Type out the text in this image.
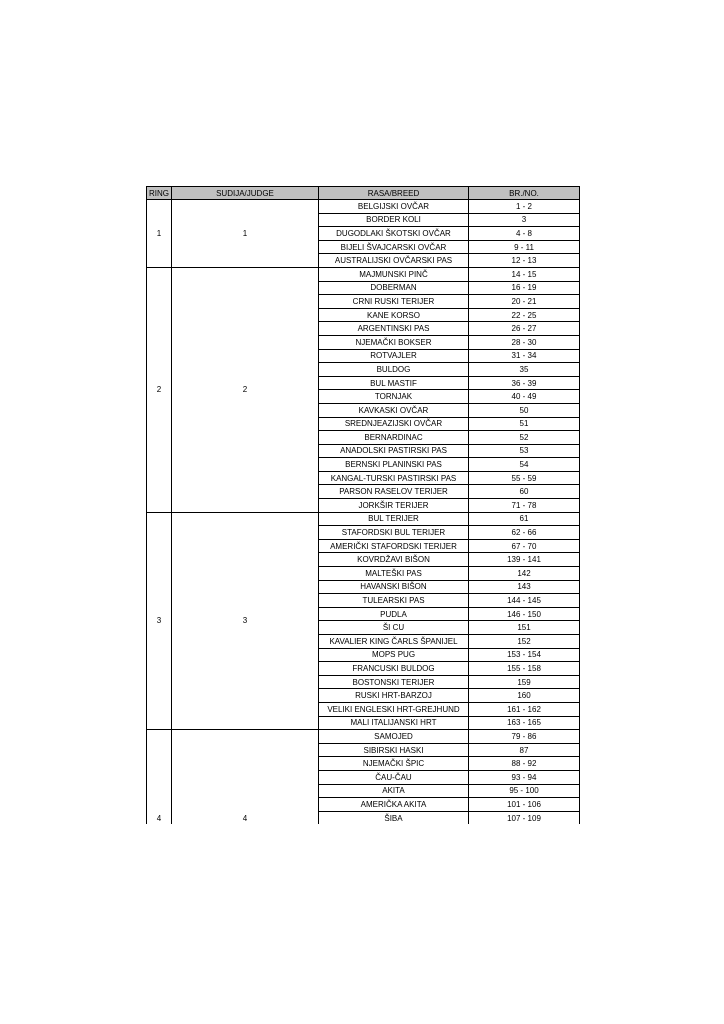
RING	SUDIJA/JUDGE	RASA/BREED	BR./NO.
1	1	BELGIJSKI OVČAR	1 - 2
		BORDER KOLI	3
		DUGODLAKI ŠKOTSKI OVČAR	4 - 8
		BIJELI ŠVAJCARSKI OVČAR	9 - 11
		AUSTRALIJSKI OVČARSKI PAS	12 - 13
2	2	MAJMUNSKI PINČ	14 - 15
		DOBERMAN	16 - 19
		CRNI RUSKI TERIJER	20 - 21
		KANE KORSO	22 - 25
		ARGENTINSKI PAS	26 - 27
		NJEMAČKI BOKSER	28 - 30
		ROTVAJLER	31 - 34
		BULDOG	35
		BUL MASTIF	36 - 39
		TORNJAK	40 - 49
		KAVKASKI OVČAR	50
		SREDNJEAZIJSKI OVČAR	51
		BERNARDINAC	52
		ANADOLSKI PASTIRSKI PAS	53
		BERNSKI PLANINSKI PAS	54
		KANGAL-TURSKI PASTIRSKI PAS	55 - 59
		PARSON RASELOV TERIJER	60
		JORKŠIR TERIJER	71 - 78
3	3	BUL TERIJER	61
		STAFORDSKI BUL TERIJER	62 - 66
		AMERIČKI STAFORDSKI TERIJER	67 - 70
		KOVRDŽAVI BIŠON	139 - 141
		MALTEŠKI PAS	142
		HAVANSKI BIŠON	143
		TULEARSKI PAS	144 - 145
		PUDLA	146 - 150
		ŠI CU	151
		KAVALIER KING ČARLS ŠPANIJEL	152
		MOPS PUG	153 - 154
		FRANCUSKI BULDOG	155 - 158
		BOSTONSKI TERIJER	159
		RUSKI HRT-BARZOJ	160
		VELIKI ENGLESKI HRT-GREJHUND	161 - 162
		MALI ITALIJANSKI HRT	163 - 165
4	4	SAMOJED	79 - 86
		SIBIRSKI HASKI	87
		NJEMAČKI ŠPIC	88 - 92
		ČAU-ČAU	93 - 94
		AKITA	95 - 100
		AMERIČKA AKITA	101 - 106
		ŠIBA	107 - 109
